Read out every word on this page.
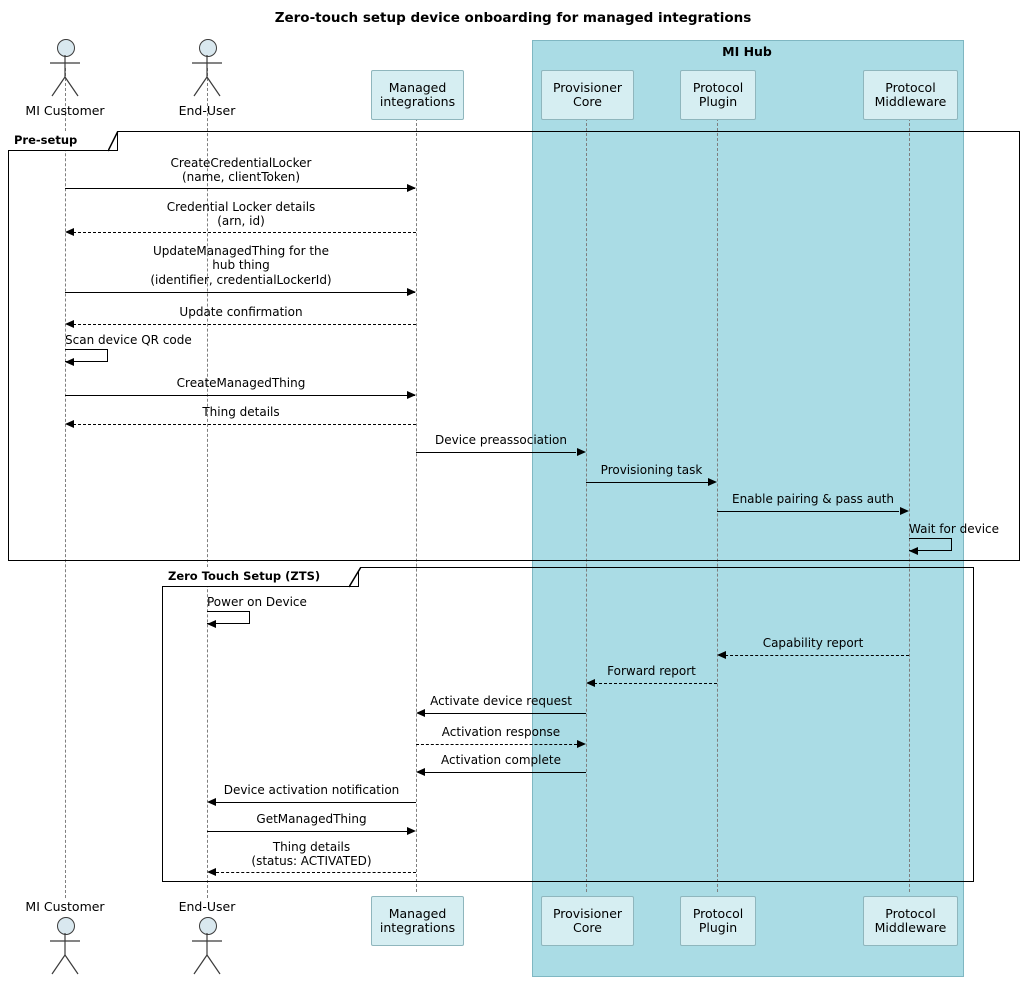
Zero-touch setup device onboarding for managed integrations
MI Hub
MI Customer	End-User
Managed
integrations
Provisioner
Core
Protocol
Plugin
Protocol
Middleware
Pre-setup
Zero Touch Setup (ZTS)
CreateCredentialLocker
(name, clientToken)
Credential Locker details
(arn, id)
UpdateManagedThing for the
hub thing
(identifier, credentialLockerId)
Update confirmation
Scan device QR code
CreateManagedThing
Thing details
Device preassociation
Provisioning task
Enable pairing & pass auth
Wait for device
Power on Device
Capability report
Forward report
Activate device request
Activation response
Activation complete
Device activation notification
GetManagedThing
Thing details
(status: ACTIVATED)
MI Customer	End-User	Managed
integrations
Provisioner
Core
Protocol
Plugin
Protocol
Middleware
